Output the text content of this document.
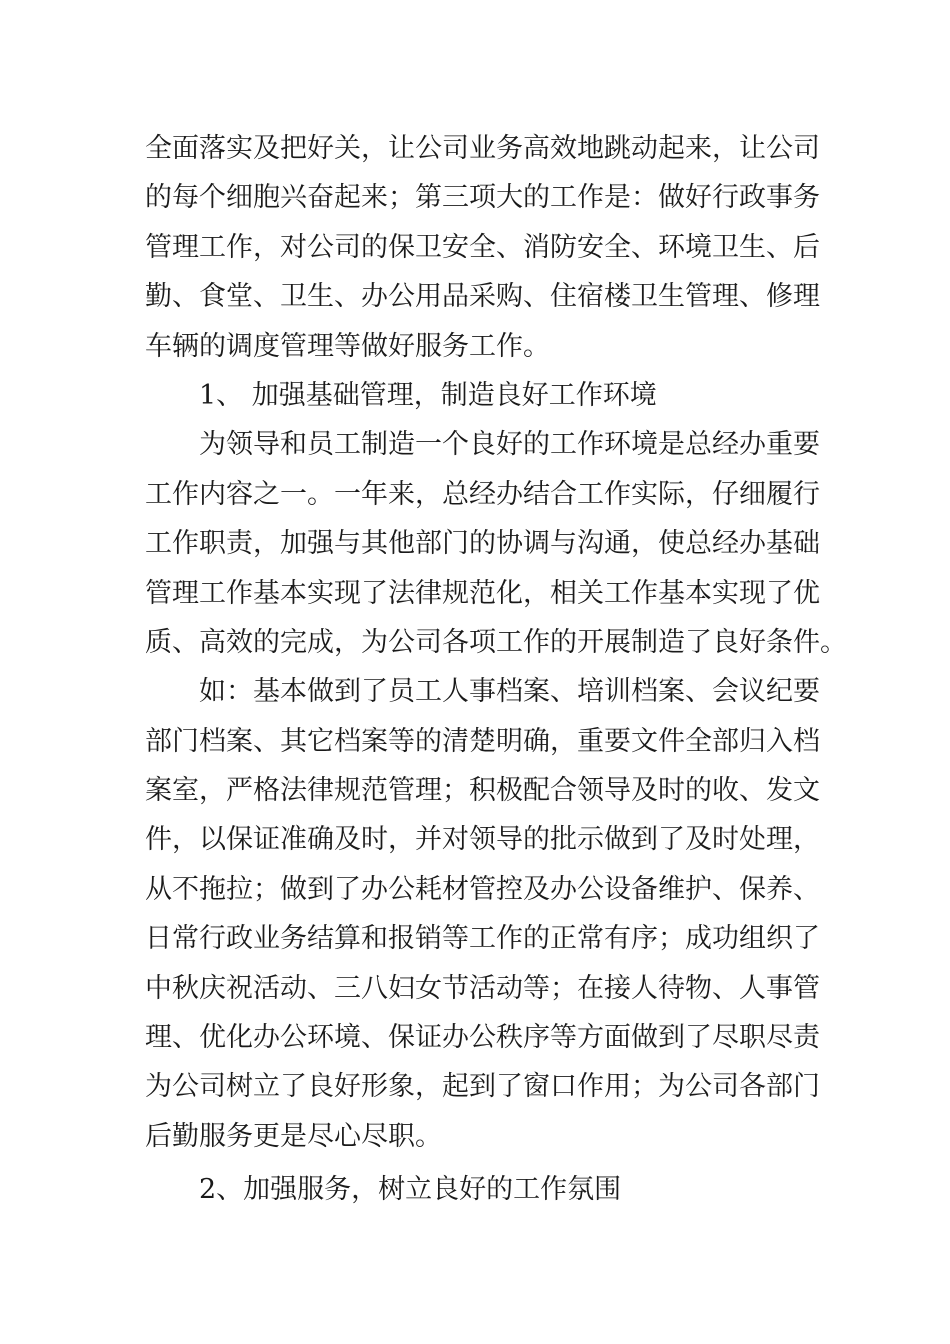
全面落实及把好关，让公司业务高效地跳动起来，让公司
的每个细胞兴奋起来；第三项大的工作是：做好行政事务
管理工作，对公司的保卫安全、消防安全、环境卫生、后
勤、食堂、卫生、办公用品采购、住宿楼卫生管理、修理
车辆的调度管理等做好服务工作。
1、 加强基础管理，制造良好工作环境
为领导和员工制造一个良好的工作环境是总经办重要
工作内容之一。一年来，总经办结合工作实际，仔细履行
工作职责，加强与其他部门的协调与沟通，使总经办基础
管理工作基本实现了法律规范化，相关工作基本实现了优
质、高效的完成，为公司各项工作的开展制造了良好条件。
如：基本做到了员工人事档案、培训档案、会议纪要
部门档案、其它档案等的清楚明确，重要文件全部归入档
案室，严格法律规范管理；积极配合领导及时的收、发文
件，以保证准确及时，并对领导的批示做到了及时处理，
从不拖拉；做到了办公耗材管控及办公设备维护、保养、
日常行政业务结算和报销等工作的正常有序；成功组织了
中秋庆祝活动、三八妇女节活动等；在接人待物、人事管
理、优化办公环境、保证办公秩序等方面做到了尽职尽责
为公司树立了良好形象，起到了窗口作用；为公司各部门
后勤服务更是尽心尽职。
2、加强服务，树立良好的工作氛围
